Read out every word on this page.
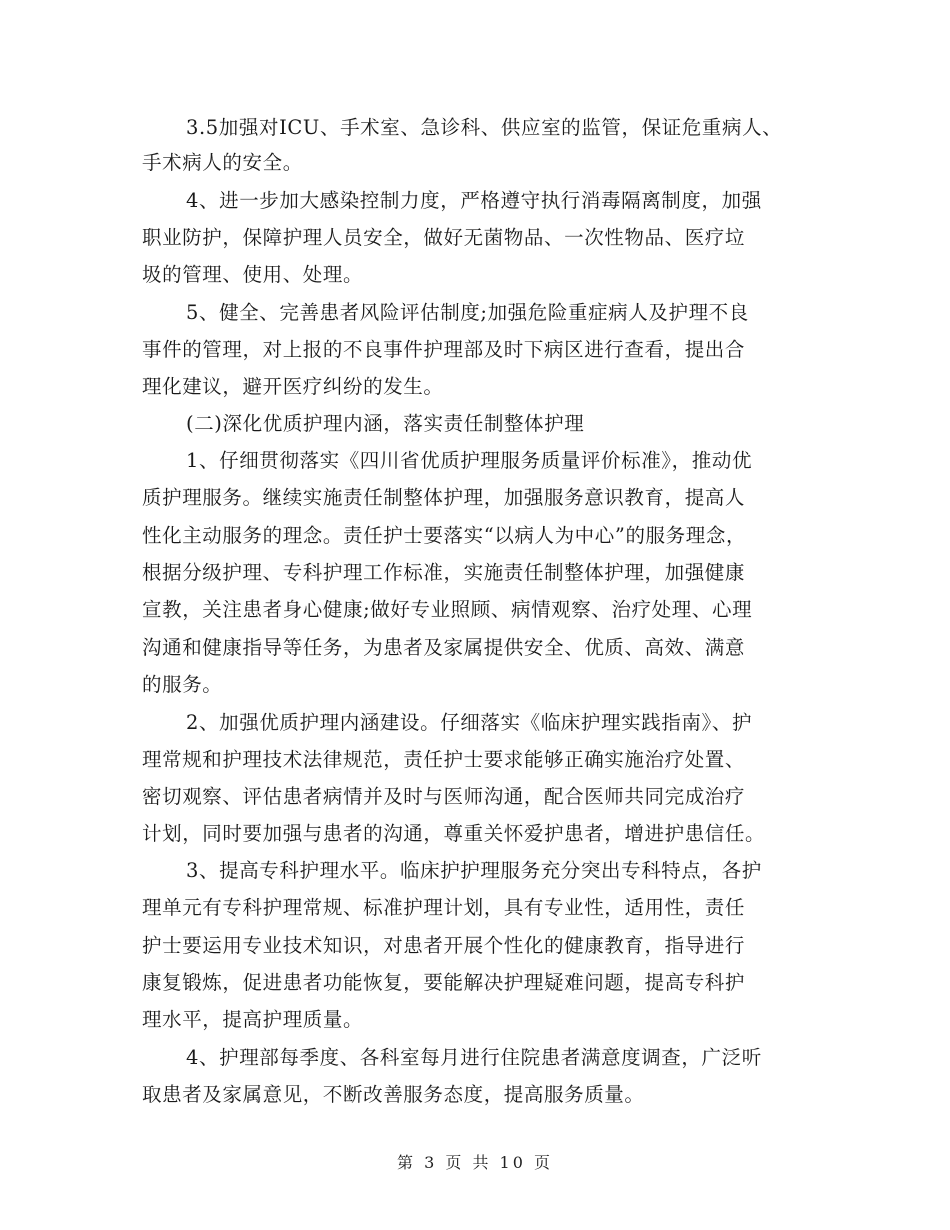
3.5加强对ICU、手术室、急诊科、供应室的监管，保证危重病人、
手术病人的安全。
4、进一步加大感染控制力度，严格遵守执行消毒隔离制度，加强
职业防护，保障护理人员安全，做好无菌物品、一次性物品、医疗垃
圾的管理、使用、处理。
5、健全、完善患者风险评估制度;加强危险重症病人及护理不良
事件的管理，对上报的不良事件护理部及时下病区进行查看，提出合
理化建议，避开医疗纠纷的发生。
(二)深化优质护理内涵，落实责任制整体护理
1、仔细贯彻落实《四川省优质护理服务质量评价标准》，推动优
质护理服务。继续实施责任制整体护理，加强服务意识教育，提高人
性化主动服务的理念。责任护士要落实“以病人为中心”的服务理念，
根据分级护理、专科护理工作标准，实施责任制整体护理，加强健康
宣教，关注患者身心健康;做好专业照顾、病情观察、治疗处理、心理
沟通和健康指导等任务，为患者及家属提供安全、优质、高效、满意
的服务。
2、加强优质护理内涵建设。仔细落实《临床护理实践指南》、护
理常规和护理技术法律规范，责任护士要求能够正确实施治疗处置、
密切观察、评估患者病情并及时与医师沟通，配合医师共同完成治疗
计划，同时要加强与患者的沟通，尊重关怀爱护患者，增进护患信任。
3、提高专科护理水平。临床护护理服务充分突出专科特点，各护
理单元有专科护理常规、标准护理计划，具有专业性，适用性，责任
护士要运用专业技术知识，对患者开展个性化的健康教育，指导进行
康复锻炼，促进患者功能恢复，要能解决护理疑难问题，提高专科护
理水平，提高护理质量。
4、护理部每季度、各科室每月进行住院患者满意度调查，广泛听
取患者及家属意见，不断改善服务态度，提高服务质量。
第 3 页 共 10 页
